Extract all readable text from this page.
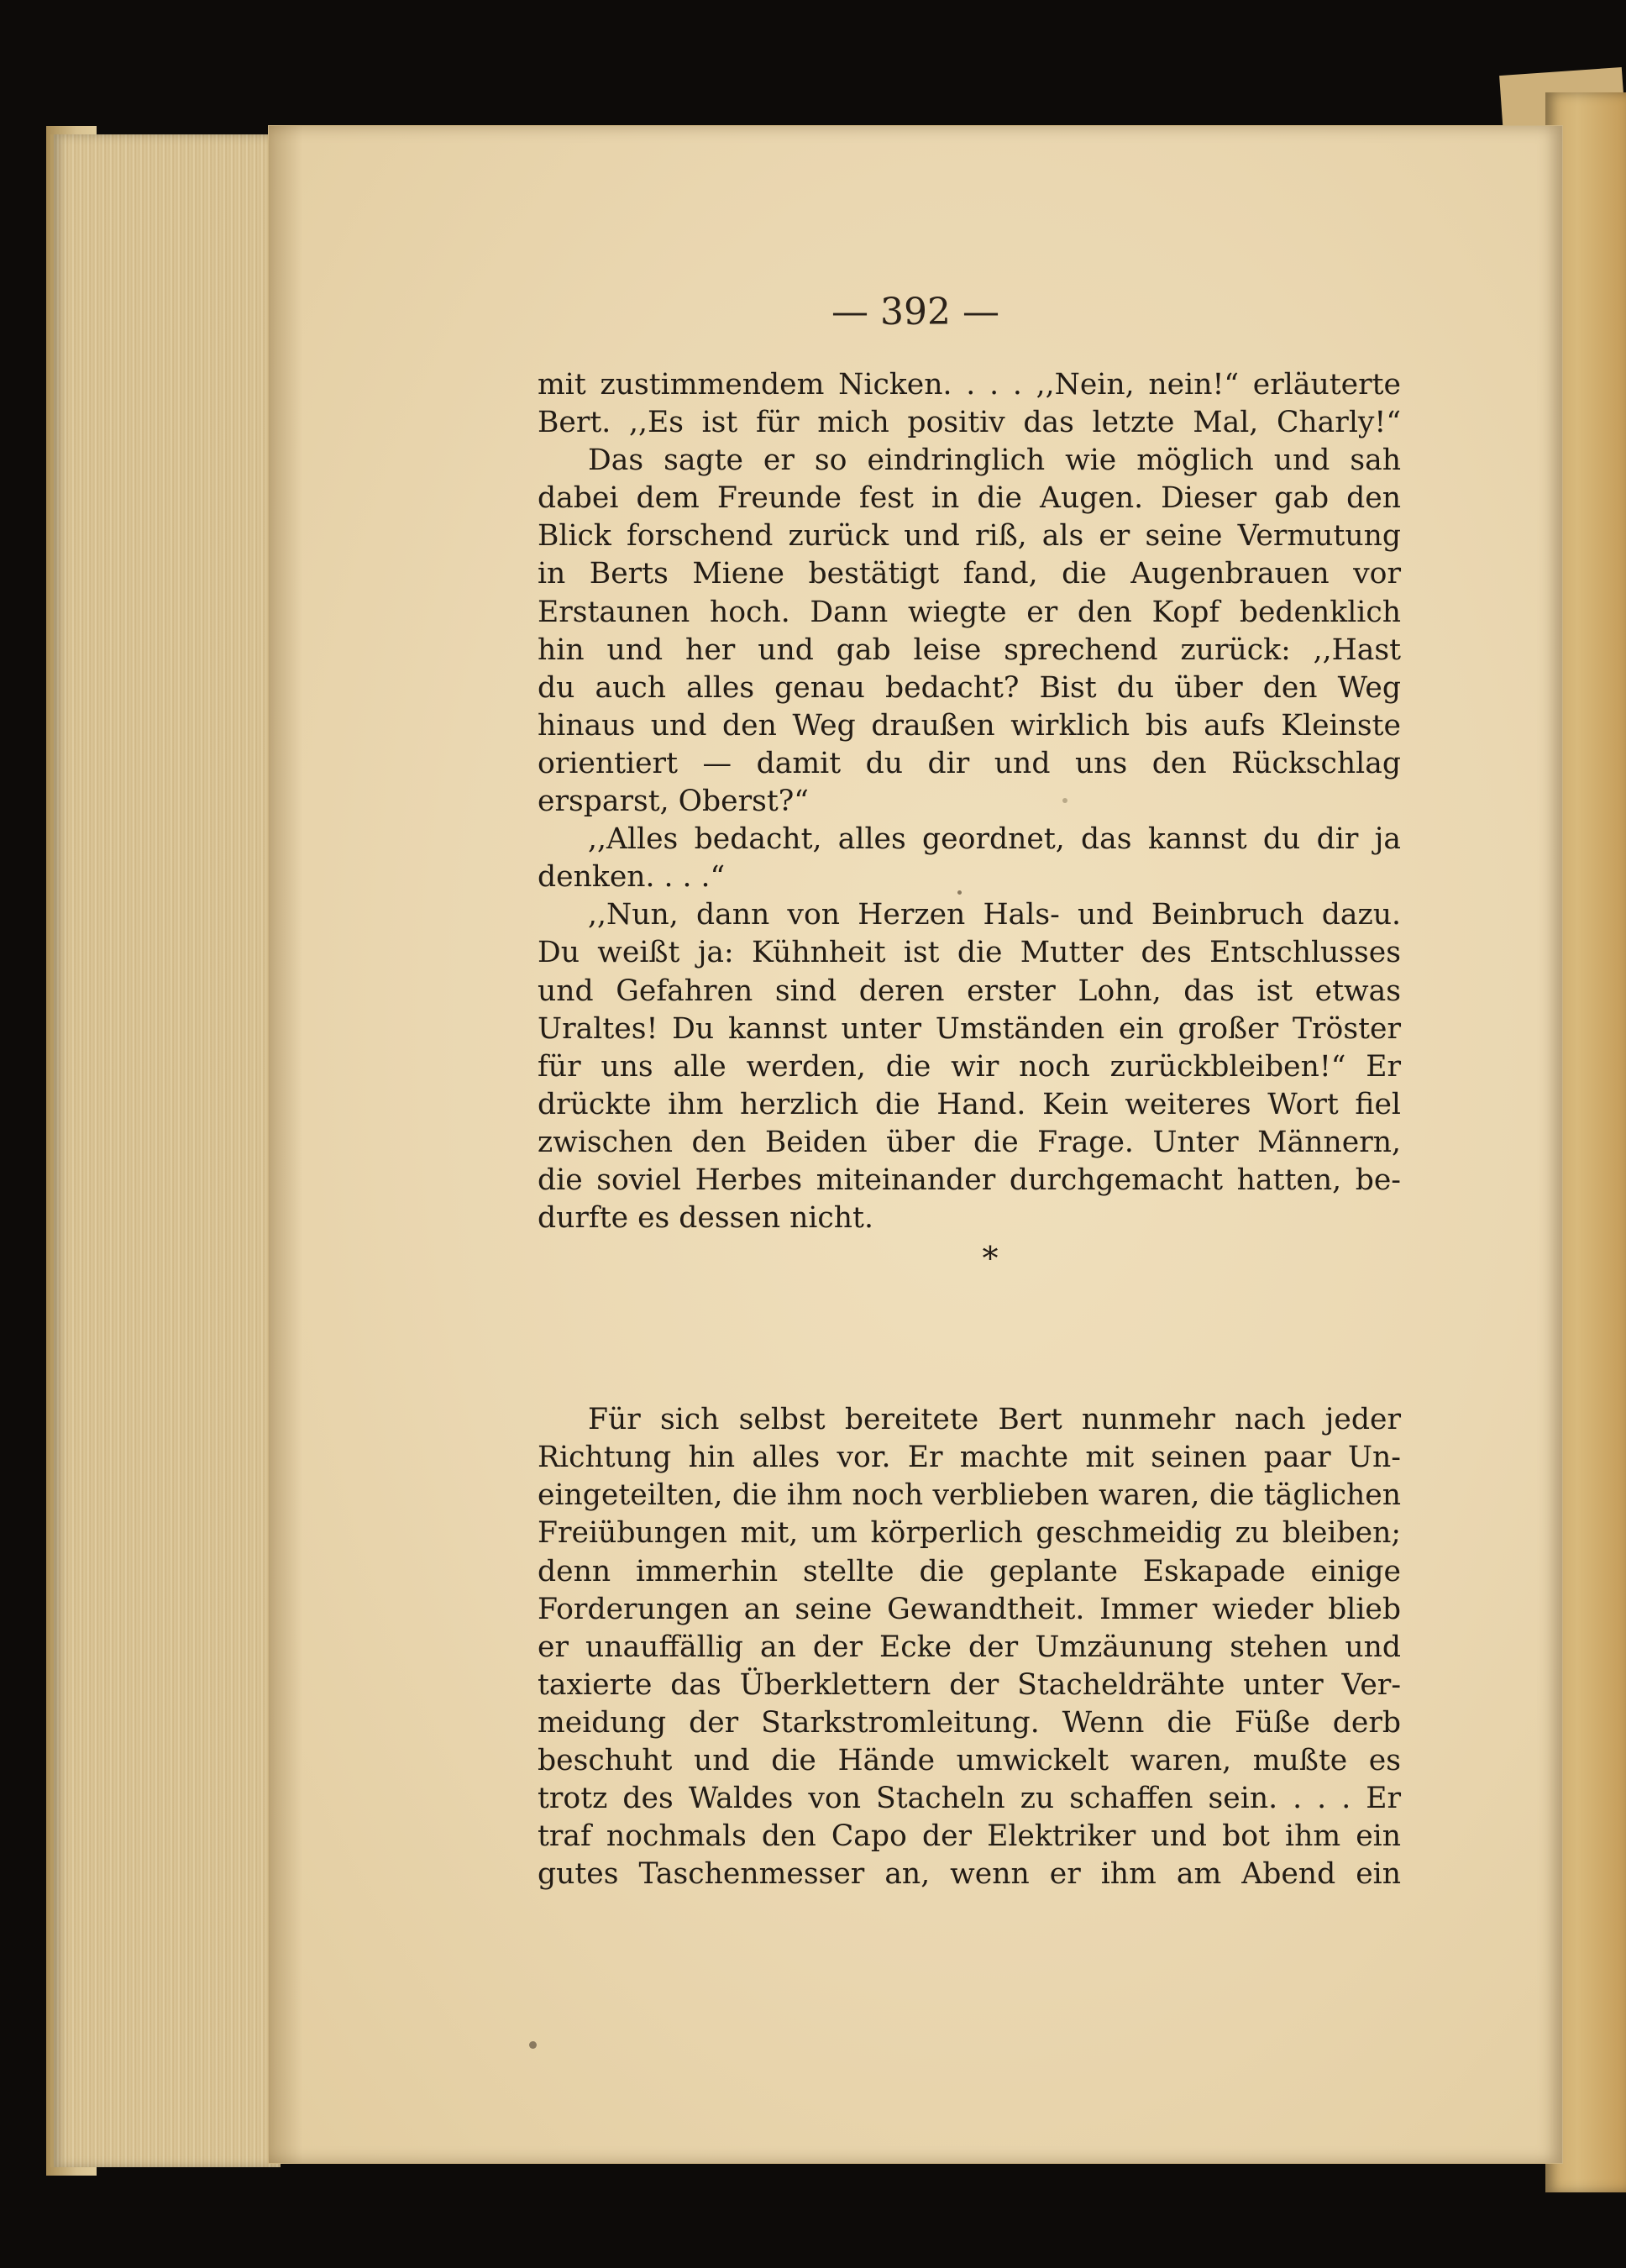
— 392 —
mit zustimmendem Nicken. . . . ,,Nein, nein!“ erläuterte
Bert. ,,Es ist für mich positiv das letzte Mal, Charly!“
Das sagte er so eindringlich wie möglich und sah
dabei dem Freunde fest in die Augen. Dieser gab den
Blick forschend zurück und riß, als er seine Vermutung
in Berts Miene bestätigt fand, die Augenbrauen vor
Erstaunen hoch. Dann wiegte er den Kopf bedenklich
hin und her und gab leise sprechend zurück: ,,Hast
du auch alles genau bedacht? Bist du über den Weg
hinaus und den Weg draußen wirklich bis aufs Kleinste
orientiert — damit du dir und uns den Rückschlag
ersparst, Oberst?“
,,Alles bedacht, alles geordnet, das kannst du dir ja
denken. . . .“
,,Nun, dann von Herzen Hals- und Beinbruch dazu.
Du weißt ja: Kühnheit ist die Mutter des Entschlusses
und Gefahren sind deren erster Lohn, das ist etwas
Uraltes! Du kannst unter Umständen ein großer Tröster
für uns alle werden, die wir noch zurückbleiben!“ Er
drückte ihm herzlich die Hand. Kein weiteres Wort fiel
zwischen den Beiden über die Frage. Unter Männern,
die soviel Herbes miteinander durchgemacht hatten, be-
durfte es dessen nicht.
*
Für sich selbst bereitete Bert nunmehr nach jeder
Richtung hin alles vor. Er machte mit seinen paar Un-
eingeteilten, die ihm noch verblieben waren, die täglichen
Freiübungen mit, um körperlich geschmeidig zu bleiben;
denn immerhin stellte die geplante Eskapade einige
Forderungen an seine Gewandtheit. Immer wieder blieb
er unauffällig an der Ecke der Umzäunung stehen und
taxierte das Überklettern der Stacheldrähte unter Ver-
meidung der Starkstromleitung. Wenn die Füße derb
beschuht und die Hände umwickelt waren, mußte es
trotz des Waldes von Stacheln zu schaffen sein. . . . Er
traf nochmals den Capo der Elektriker und bot ihm ein
gutes Taschenmesser an, wenn er ihm am Abend ein
